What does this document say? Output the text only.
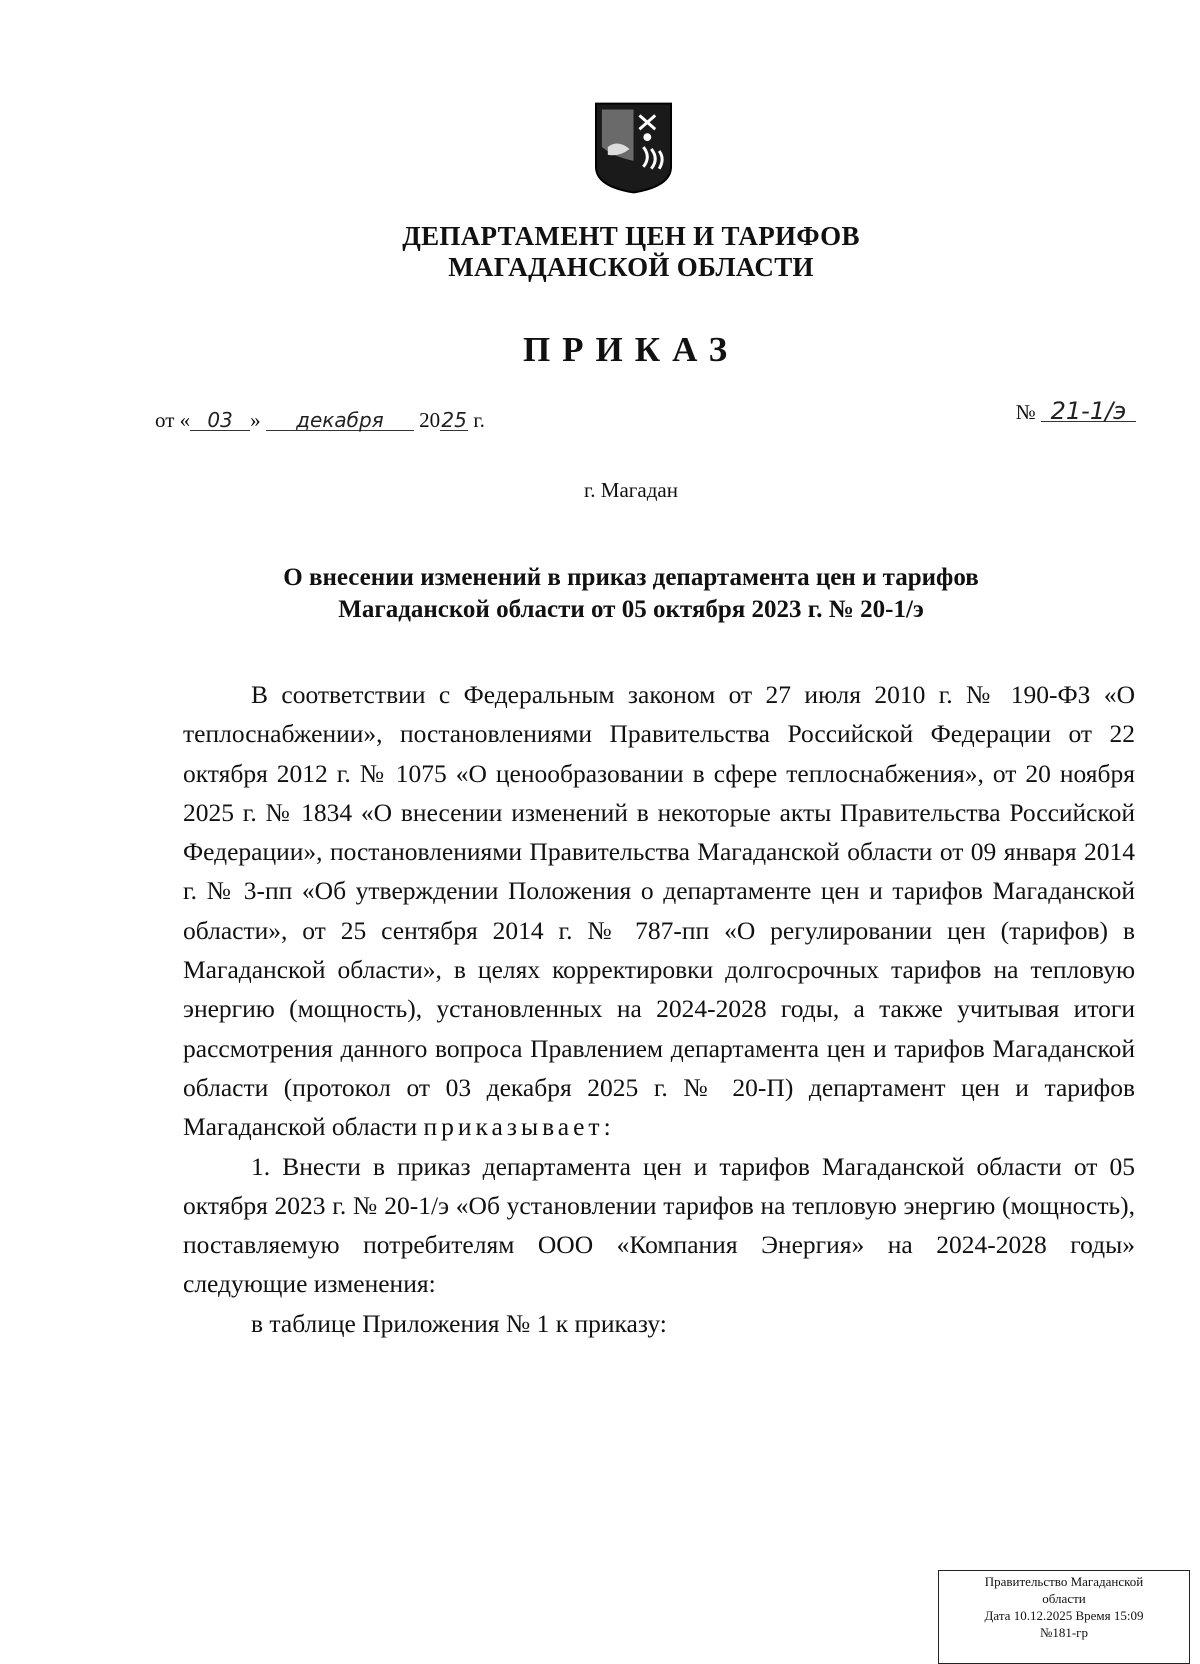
ДЕПАРТАМЕНТ ЦЕН И ТАРИФОВ
МАГАДАНСКОЙ ОБЛАСТИ
ПРИКАЗ
от « 03 » декабря 2025 г.	№ 21-1/э
г. Магадан
О внесении изменений в приказ департамента цен и тарифов
Магаданской области от 05 октября 2023 г. № 20-1/э

В соответствии с Федеральным законом от 27 июля 2010 г. № 190-ФЗ «О теплоснабжении», постановлениями Правительства Российской Федерации от 22 октября 2012 г. № 1075 «О ценообразовании в сфере теплоснабжения», от 20 ноября 2025 г. № 1834 «О внесении изменений в некоторые акты Правительства Российской Федерации», постановлениями Правительства Магаданской области от 09 января 2014 г. № 3-пп «Об утверждении Положения о департаменте цен и тарифов Магаданской области», от 25 сентября 2014 г. № 787-пп «О регулировании цен (тарифов) в Магаданской области», в целях корректировки долгосрочных тарифов на тепловую энергию (мощность), установленных на 2024-2028 годы, а также учитывая итоги рассмотрения данного вопроса Правлением департамента цен и тарифов Магаданской области (протокол от 03 декабря 2025 г. № 20-П) департамент цен и тарифов Магаданской области приказывает:

1. Внести в приказ департамента цен и тарифов Магаданской области от 05 октября 2023 г. № 20-1/э «Об установлении тарифов на тепловую энергию (мощность), поставляемую потребителям ООО «Компания Энергия» на 2024-2028 годы» следующие изменения:

в таблице Приложения № 1 к приказу:

Правительство Магаданской
области
Дата 10.12.2025 Время 15:09
№181-гр
